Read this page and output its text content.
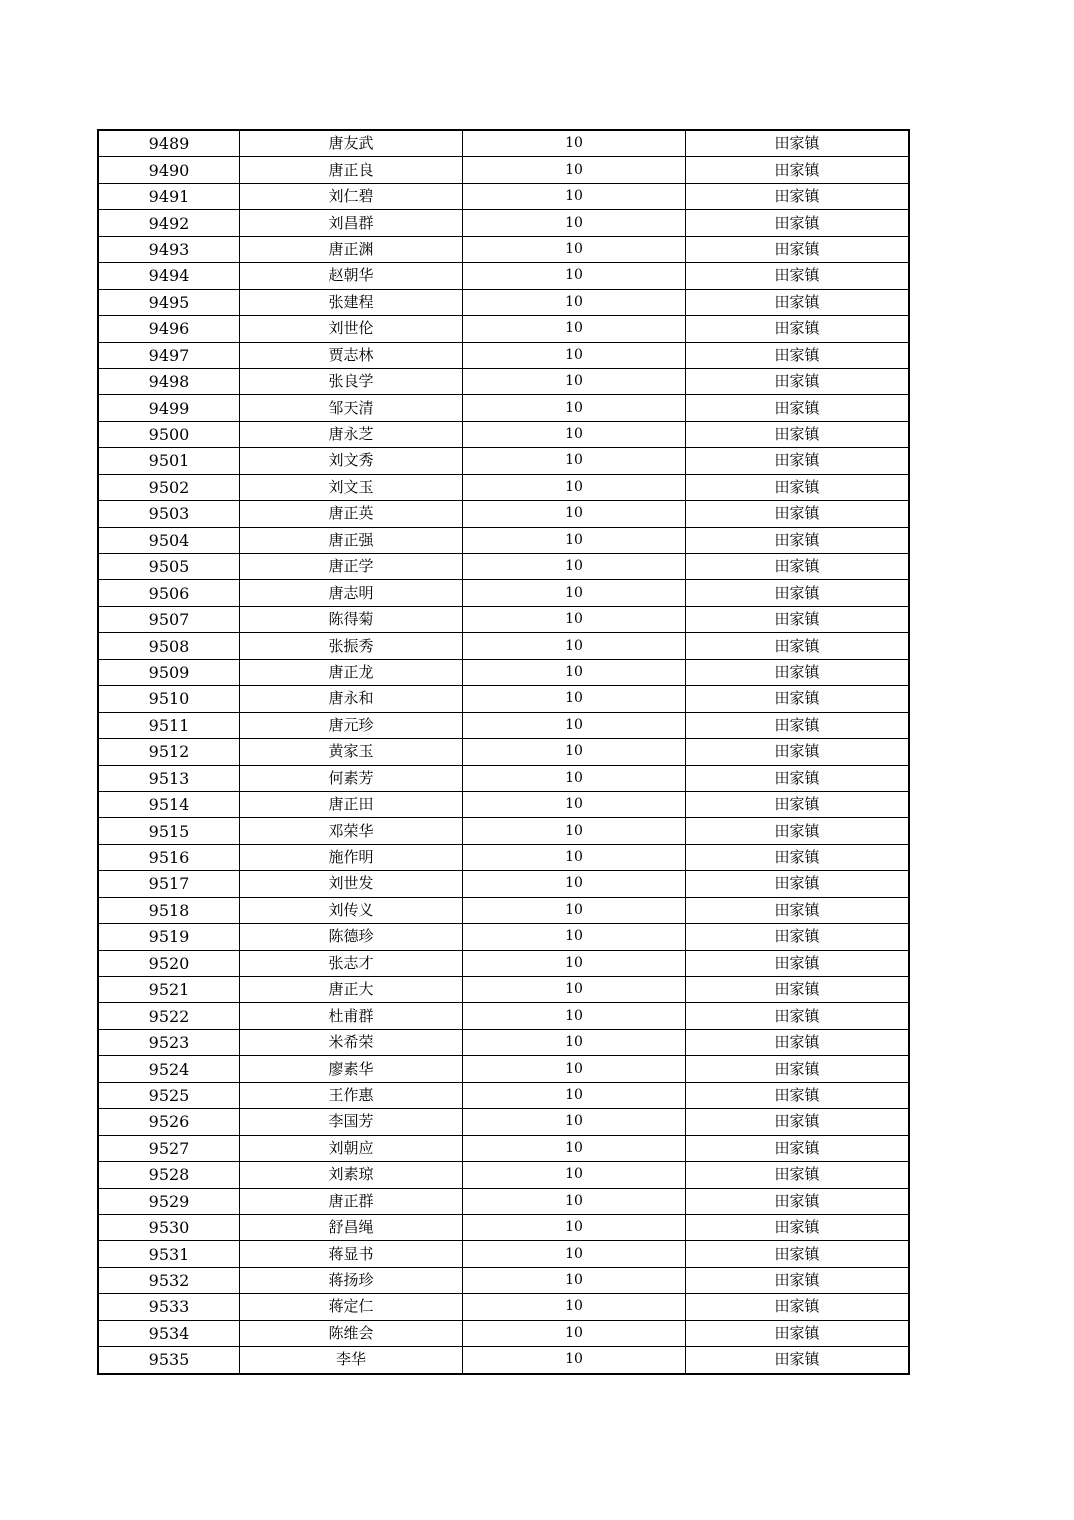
9489	唐友武	10	田家镇
9490	唐正良	10	田家镇
9491	刘仁碧	10	田家镇
9492	刘昌群	10	田家镇
9493	唐正渊	10	田家镇
9494	赵朝华	10	田家镇
9495	张建程	10	田家镇
9496	刘世伦	10	田家镇
9497	贾志林	10	田家镇
9498	张良学	10	田家镇
9499	邹天清	10	田家镇
9500	唐永芝	10	田家镇
9501	刘文秀	10	田家镇
9502	刘文玉	10	田家镇
9503	唐正英	10	田家镇
9504	唐正强	10	田家镇
9505	唐正学	10	田家镇
9506	唐志明	10	田家镇
9507	陈得菊	10	田家镇
9508	张振秀	10	田家镇
9509	唐正龙	10	田家镇
9510	唐永和	10	田家镇
9511	唐元珍	10	田家镇
9512	黄家玉	10	田家镇
9513	何素芳	10	田家镇
9514	唐正田	10	田家镇
9515	邓荣华	10	田家镇
9516	施作明	10	田家镇
9517	刘世发	10	田家镇
9518	刘传义	10	田家镇
9519	陈德珍	10	田家镇
9520	张志才	10	田家镇
9521	唐正大	10	田家镇
9522	杜甫群	10	田家镇
9523	米希荣	10	田家镇
9524	廖素华	10	田家镇
9525	王作惠	10	田家镇
9526	李国芳	10	田家镇
9527	刘朝应	10	田家镇
9528	刘素琼	10	田家镇
9529	唐正群	10	田家镇
9530	舒昌绳	10	田家镇
9531	蒋显书	10	田家镇
9532	蒋扬珍	10	田家镇
9533	蒋定仁	10	田家镇
9534	陈维会	10	田家镇
9535	李华	10	田家镇
